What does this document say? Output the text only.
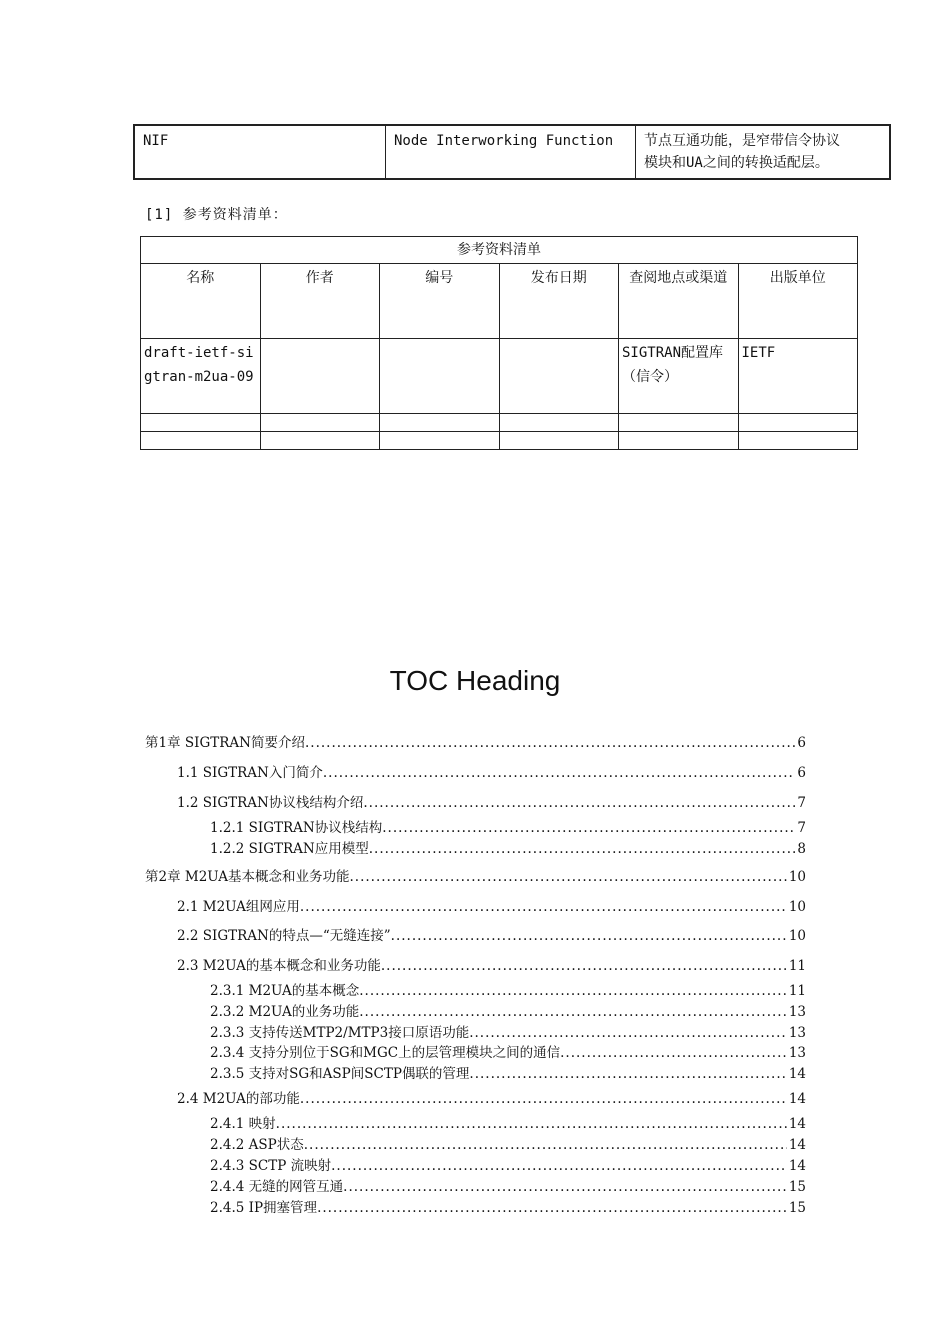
NIF	Node Interworking Function	节点互通功能，是窄带信令协议
模块和UA之间的转换适配层。
[1] 参考资料清单：
参考资料清单					
名称	作者	编号	发布日期	查阅地点或渠道	出版单位
draft-ietf-sigtran-m2ua-09				SIGTRAN配置库（信令）	IETF

TOC Heading
第1章 SIGTRAN简要介绍 .....	6
1.1 SIGTRAN入门简介 .....	6
1.2 SIGTRAN协议栈结构介绍 .....	7
1.2.1 SIGTRAN协议栈结构 .....	7
1.2.2 SIGTRAN应用模型 .....	8
第2章 M2UA基本概念和业务功能 .....	10
2.1 M2UA组网应用 .....	10
2.2 SIGTRAN的特点—“无缝连接” .....	10
2.3 M2UA的基本概念和业务功能 .....	11
2.3.1 M2UA的基本概念 .....	11
2.3.2 M2UA的业务功能 .....	13
2.3.3 支持传送MTP2/MTP3接口原语功能 .....	13
2.3.4 支持分别位于SG和MGC上的层管理模块之间的通信 .....	13
2.3.5 支持对SG和ASP间SCTP偶联的管理 .....	14
2.4 M2UA的部功能 .....	14
2.4.1 映射 .....	14
2.4.2 ASP状态 .....	14
2.4.3 SCTP 流映射 .....	14
2.4.4 无缝的网管互通 .....	15
2.4.5 IP拥塞管理 .....	15
